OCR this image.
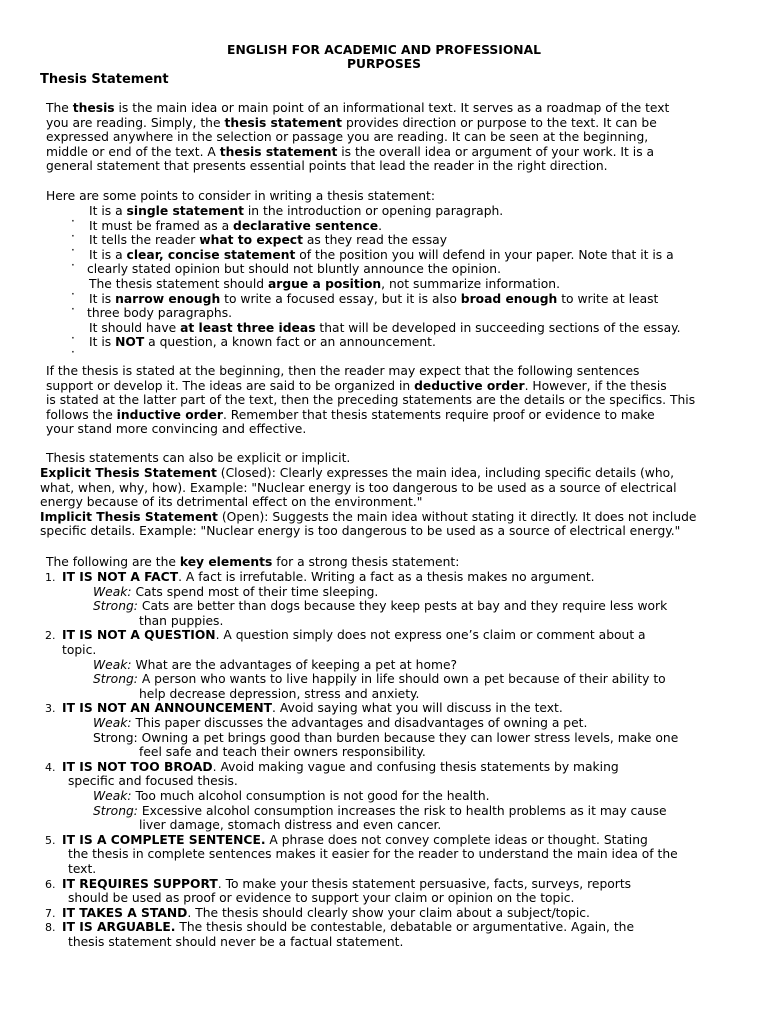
ENGLISH FOR ACADEMIC AND PROFESSIONAL
PURPOSES
Thesis Statement
The thesis is the main idea or main point of an informational text. It serves as a roadmap of the text
you are reading. Simply, the thesis statement provides direction or purpose to the text. It can be
expressed anywhere in the selection or passage you are reading. It can be seen at the beginning,
middle or end of the text. A thesis statement is the overall idea or argument of your work. It is a
general statement that presents essential points that lead the reader in the right direction.
Here are some points to consider in writing a thesis statement:
It is a single statement in the introduction or opening paragraph.
It must be framed as a declarative sentence.
It tells the reader what to expect as they read the essay
It is a clear, concise statement of the position you will defend in your paper. Note that it is a
clearly stated opinion but should not bluntly announce the opinion.
The thesis statement should argue a position, not summarize information.
It is narrow enough to write a focused essay, but it is also broad enough to write at least
three body paragraphs.
It should have at least three ideas that will be developed in succeeding sections of the essay.
It is NOT a question, a known fact or an announcement.
If the thesis is stated at the beginning, then the reader may expect that the following sentences
support or develop it. The ideas are said to be organized in deductive order. However, if the thesis
is stated at the latter part of the text, then the preceding statements are the details or the specifics. This
follows the inductive order. Remember that thesis statements require proof or evidence to make
your stand more convincing and effective.
Thesis statements can also be explicit or implicit.
Explicit Thesis Statement (Closed): Clearly expresses the main idea, including specific details (who,
what, when, why, how). Example: "Nuclear energy is too dangerous to be used as a source of electrical
energy because of its detrimental effect on the environment."
Implicit Thesis Statement (Open): Suggests the main idea without stating it directly. It does not include
specific details. Example: "Nuclear energy is too dangerous to be used as a source of electrical energy."
The following are the key elements for a strong thesis statement:
1. IT IS NOT A FACT. A fact is irrefutable. Writing a fact as a thesis makes no argument.
Weak: Cats spend most of their time sleeping.
Strong: Cats are better than dogs because they keep pests at bay and they require less work
than puppies.
2. IT IS NOT A QUESTION. A question simply does not express one’s claim or comment about a
topic.
Weak: What are the advantages of keeping a pet at home?
Strong: A person who wants to live happily in life should own a pet because of their ability to
help decrease depression, stress and anxiety.
3. IT IS NOT AN ANNOUNCEMENT. Avoid saying what you will discuss in the text.
Weak: This paper discusses the advantages and disadvantages of owning a pet.
Strong: Owning a pet brings good than burden because they can lower stress levels, make one
feel safe and teach their owners responsibility.
4. IT IS NOT TOO BROAD. Avoid making vague and confusing thesis statements by making
specific and focused thesis.
Weak: Too much alcohol consumption is not good for the health.
Strong: Excessive alcohol consumption increases the risk to health problems as it may cause
liver damage, stomach distress and even cancer.
5. IT IS A COMPLETE SENTENCE. A phrase does not convey complete ideas or thought. Stating
the thesis in complete sentences makes it easier for the reader to understand the main idea of the
text.
6. IT REQUIRES SUPPORT. To make your thesis statement persuasive, facts, surveys, reports
should be used as proof or evidence to support your claim or opinion on the topic.
7. IT TAKES A STAND. The thesis should clearly show your claim about a subject/topic.
8. IT IS ARGUABLE. The thesis should be contestable, debatable or argumentative. Again, the
thesis statement should never be a factual statement.
